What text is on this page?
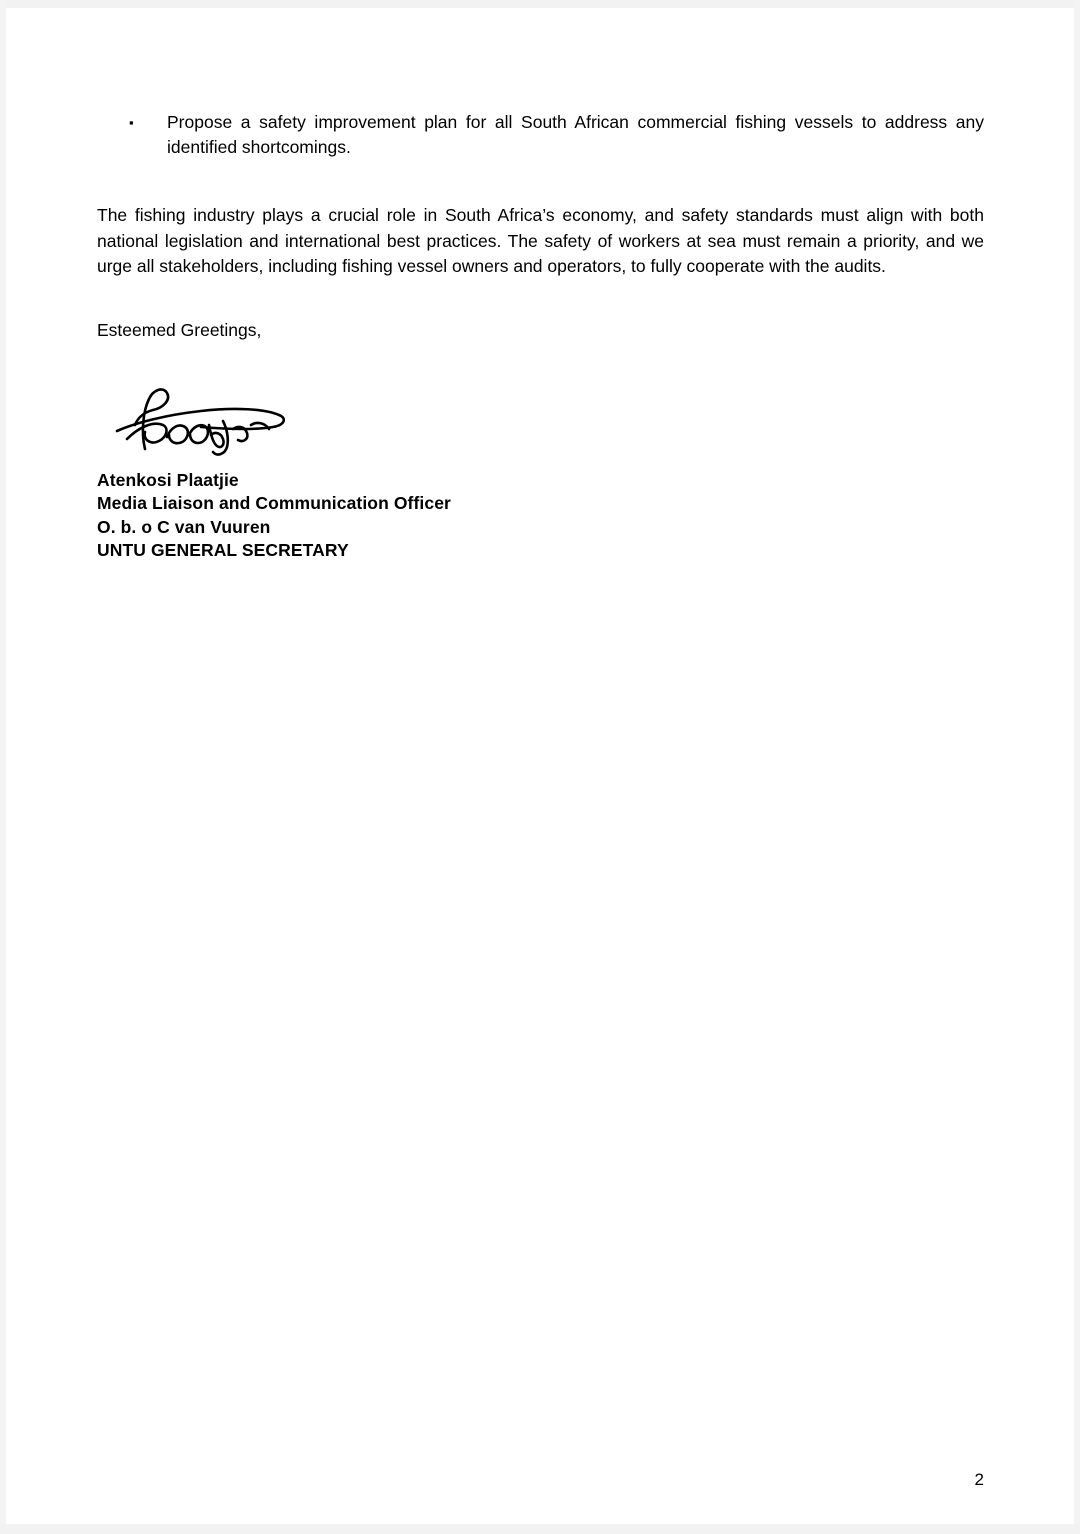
▪ Propose a safety improvement plan for all South African commercial fishing vessels to address any identified shortcomings.

The fishing industry plays a crucial role in South Africa’s economy, and safety standards must align with both national legislation and international best practices. The safety of workers at sea must remain a priority, and we urge all stakeholders, including fishing vessel owners and operators, to fully cooperate with the audits.

Esteemed Greetings,

Atenkosi Plaatjie
Media Liaison and Communication Officer
O. b. o C van Vuuren
UNTU GENERAL SECRETARY
2
